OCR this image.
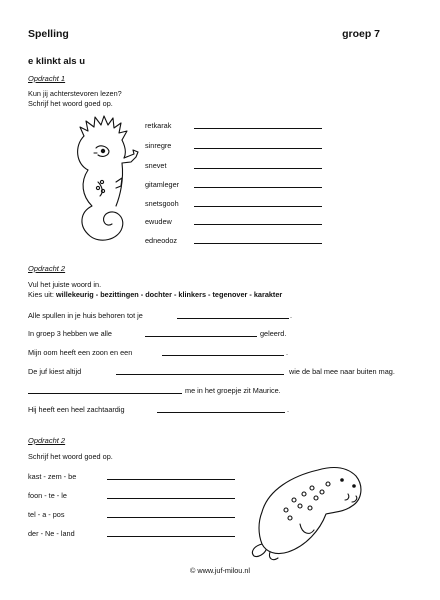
Spelling	groep 7
e klinkt als u
Opdracht 1
Kun jij achterstevoren lezen?
Schrijf het woord goed op.
retkarak
sinregre
snevet
gitamleger
snetsgooh
ewudew
edneodoz
Opdracht 2
Vul het juiste woord in.
Kies uit: willekeurig - bezittingen - dochter - klinkers - tegenover - karakter
Alle spullen in je huis behoren tot je	.
In groep 3 hebben we alle	geleerd.
Mijn oom heeft een zoon en een	.
De juf kiest altijd	wie de bal mee naar buiten mag.
me in het groepje zit Maurice.
Hij heeft een heel zachtaardig	.
Opdracht 2
Schrijf het woord goed op.
kast - zem - be
foon - te - le
tel - a - pos
der - Ne - land
© www.juf-milou.nl
